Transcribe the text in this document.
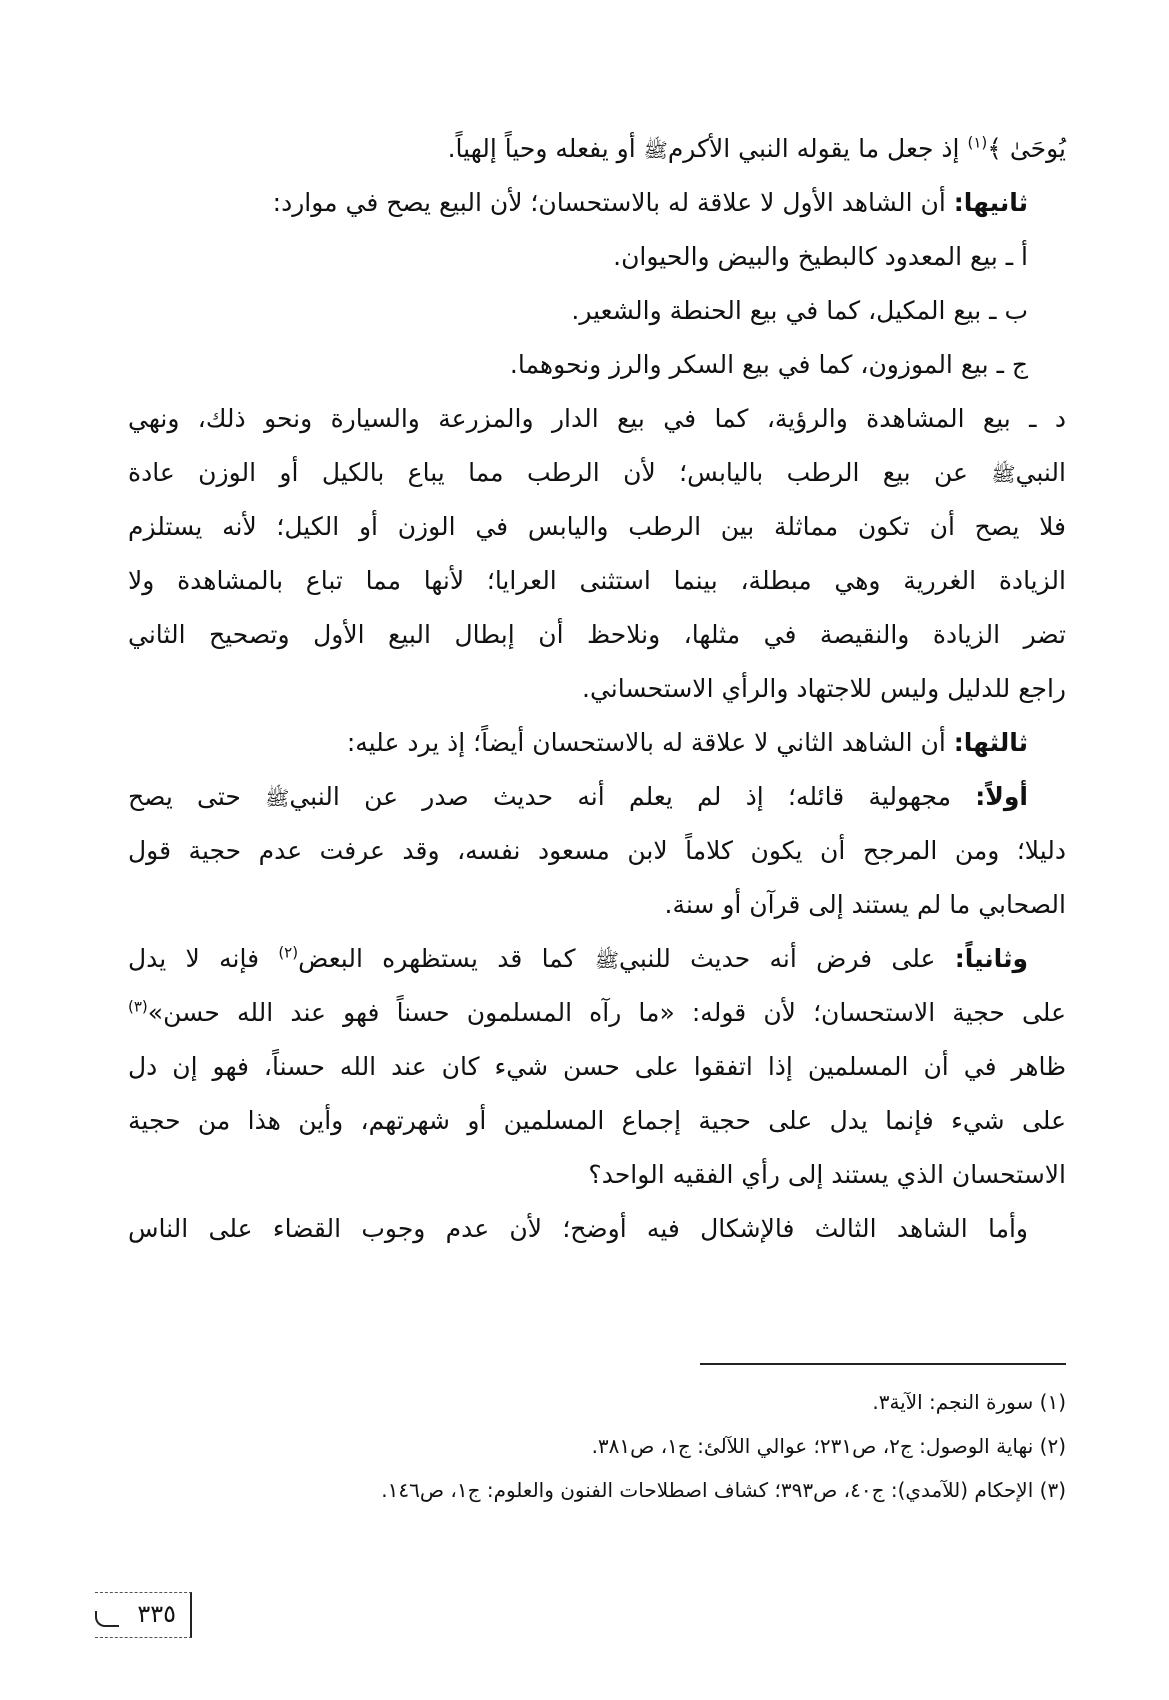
يُوحَىٰ ﴾$^{(١)}$ إذ جعل ما يقوله النبي الأكرمﷺ أو يفعله وحياً إلهياً.
ثانيها: أن الشاهد الأول لا علاقة له بالاستحسان؛ لأن البيع يصح في موارد:
أ ـ بيع المعدود كالبطيخ والبيض والحيوان.
ب ـ بيع المكيل، كما في بيع الحنطة والشعير.
ج ـ بيع الموزون، كما في بيع السكر والرز ونحوهما.
د ـ بيع المشاهدة والرؤية، كما في بيع الدار والمزرعة والسيارة ونحو ذلك، ونهي
النبيﷺ عن بيع الرطب باليابس؛ لأن الرطب مما يباع بالكيل أو الوزن عادة
فلا يصح أن تكون مماثلة بين الرطب واليابس في الوزن أو الكيل؛ لأنه يستلزم
الزيادة الغررية وهي مبطلة، بينما استثنى العرايا؛ لأنها مما تباع بالمشاهدة ولا
تضر الزيادة والنقيصة في مثلها، ونلاحظ أن إبطال البيع الأول وتصحيح الثاني
راجع للدليل وليس للاجتهاد والرأي الاستحساني.
ثالثها: أن الشاهد الثاني لا علاقة له بالاستحسان أيضاً؛ إذ يرد عليه:
أولاً: مجهولية قائله؛ إذ لم يعلم أنه حديث صدر عن النبيﷺ حتى يصح
دليلا؛ ومن المرجح أن يكون كلاماً لابن مسعود نفسه، وقد عرفت عدم حجية قول
الصحابي ما لم يستند إلى قرآن أو سنة.
وثانياً: على فرض أنه حديث للنبيﷺ كما قد يستظهره البعض$^{(٢)}$ فإنه لا يدل
على حجية الاستحسان؛ لأن قوله: «ما رآه المسلمون حسناً فهو عند الله حسن»$^{(٣)}$
ظاهر في أن المسلمين إذا اتفقوا على حسن شيء كان عند الله حسناً، فهو إن دل
على شيء فإنما يدل على حجية إجماع المسلمين أو شهرتهم، وأين هذا من حجية
الاستحسان الذي يستند إلى رأي الفقيه الواحد؟
وأما الشاهد الثالث فالإشكال فيه أوضح؛ لأن عدم وجوب القضاء على الناس
(١) سورة النجم: الآية٣.
(٢) نهاية الوصول: ج٢، ص٢٣١؛ عوالي اللآلئ: ج١، ص٣٨١.
(٣) الإحكام (للآمدي): ج٤٠، ص٣٩٣؛ كشاف اصطلاحات الفنون والعلوم: ج١، ص١٤٦.
٣٣٥
